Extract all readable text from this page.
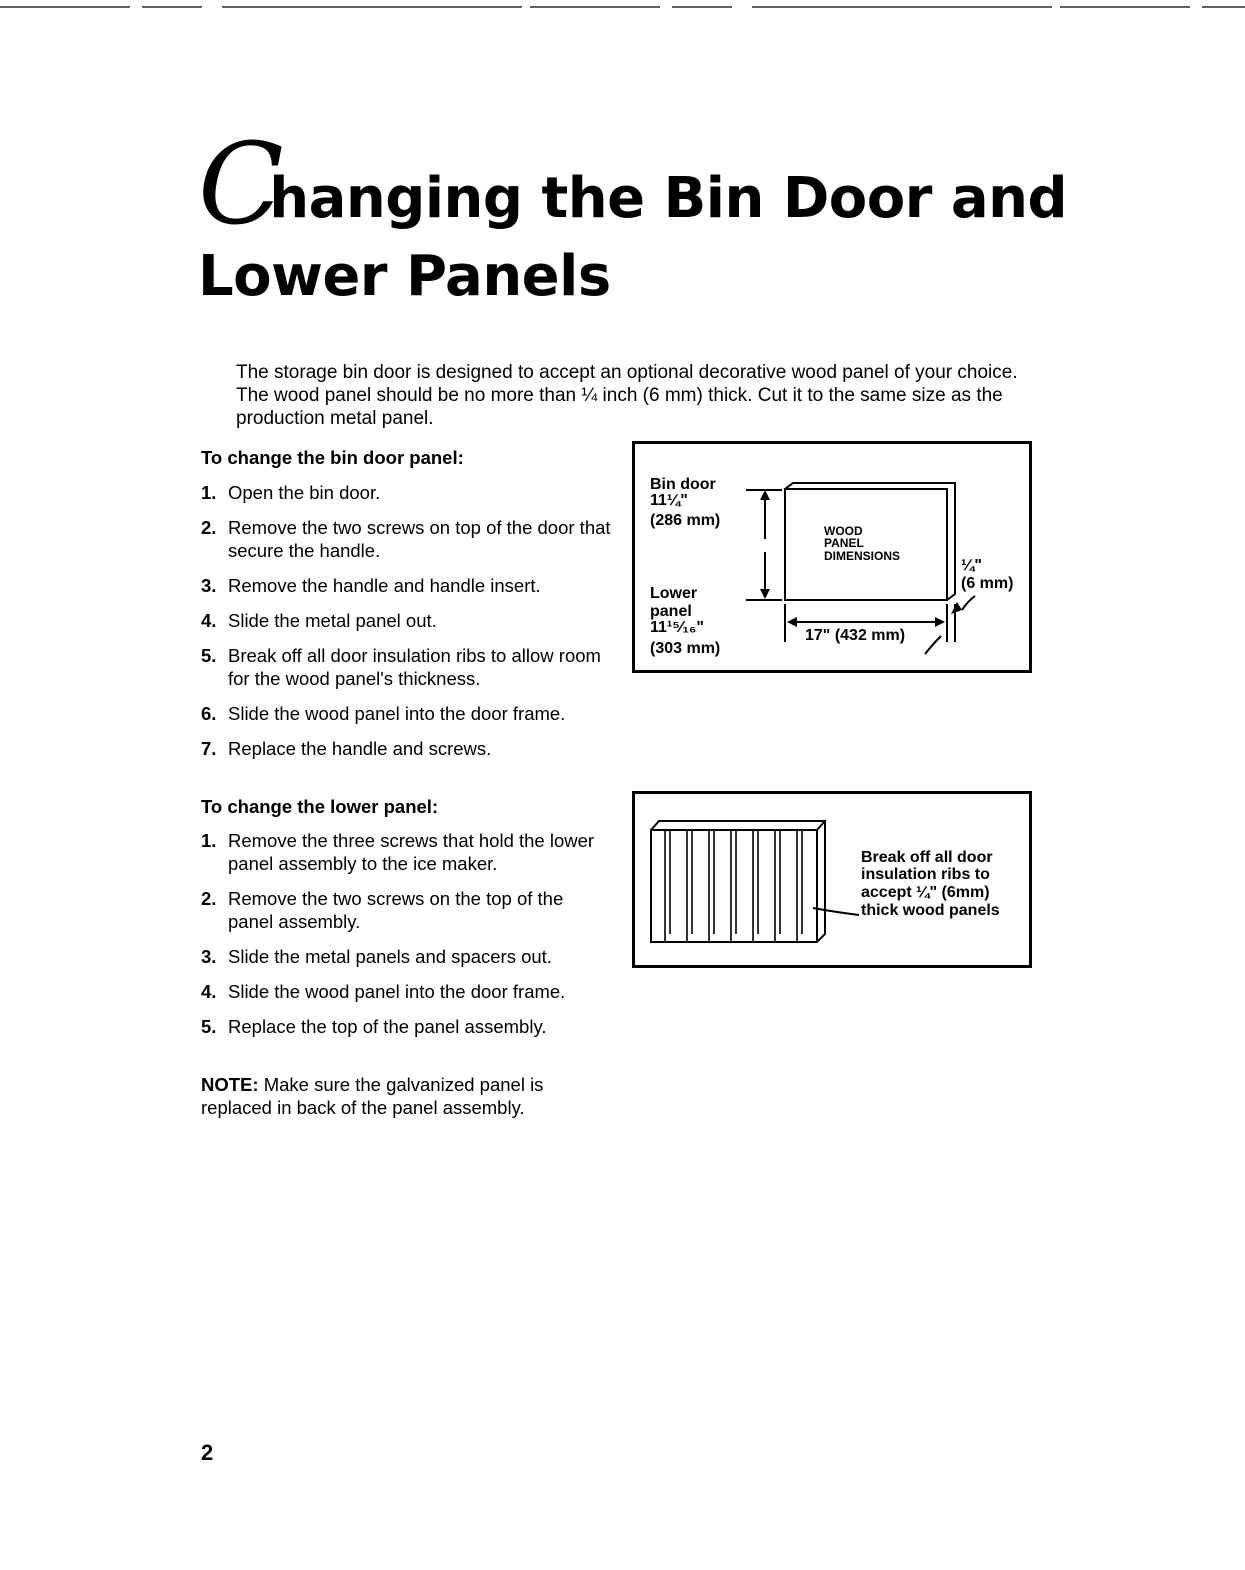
Changing the Bin Door and
Lower Panels

The storage bin door is designed to accept an optional decorative wood panel of your choice. The wood panel should be no more than ¼ inch (6 mm) thick. Cut it to the same size as the production metal panel.

To change the bin door panel:
1. Open the bin door.
2. Remove the two screws on top of the door that secure the handle.
3. Remove the handle and handle insert.
4. Slide the metal panel out.
5. Break off all door insulation ribs to allow room for the wood panel's thickness.
6. Slide the wood panel into the door frame.
7. Replace the handle and screws.
To change the lower panel:
1. Remove the three screws that hold the lower panel assembly to the ice maker.
2. Remove the two screws on the top of the panel assembly.
3. Slide the metal panels and spacers out.
4. Slide the wood panel into the door frame.
5. Replace the top of the panel assembly.

NOTE: Make sure the galvanized panel is replaced in back of the panel assembly.

Bin door
11¼"
(286 mm)
Lower
panel
11¹⁵⁄₁₆"
(303 mm)
¼"
(6 mm)
17" (432 mm)
WOOD
PANEL
DIMENSIONS
Break off all door
insulation ribs to
accept ¼" (6mm)
thick wood panels

2
